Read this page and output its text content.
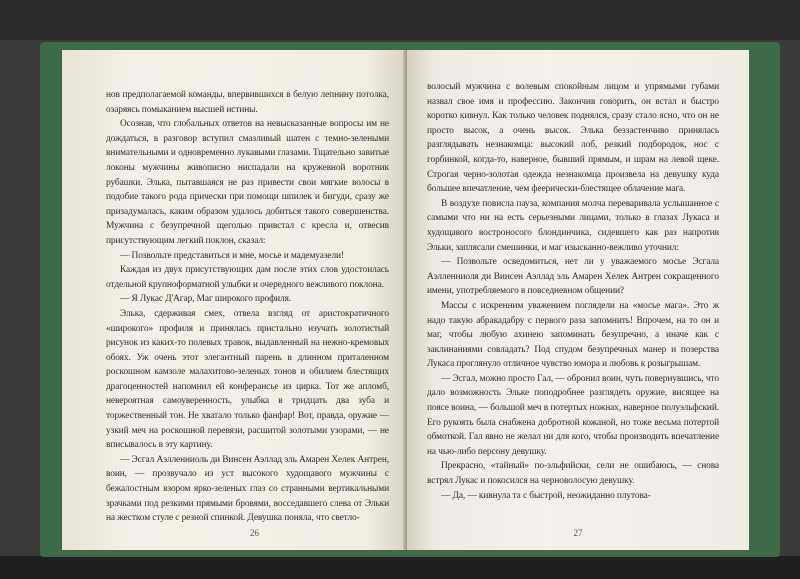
нов предполагаемой команды, впервившихся в белую лепнину потолка, озаряясь помыканием высшей истины.

Осознав, что глобальных ответов на невысказанные вопросы им не дождаться, в разговор вступил смазливый шатен с темно-зелеными внимательными и одновременно лукавыми глазами. Тщательно завитые локоны мужчины живописно ниспадали на кружевной воротник рубашки. Элька, пытавшаяся не раз привести свои мягкие волосы в подобие такого рода прически при помощи шпилек и бигуди, сразу же призадумалась, каким образом удалось добиться такого совершенства. Мужчина с безупречной щеголью привстал с кресла и, отвесив присутствующим легкий поклон, сказал:

— Позвольте представиться и мне, мосье и мадемуазели!

Каждая из двух присутствующих дам после этих слов удостоилась отдельной крупноформатной улыбки и очередного вежливого поклона.

— Я Лукас Д'Агар, Маг широкого профиля.

Элька, сдерживая смех, отвела взгляд от аристократичного «широкого» профиля и принялась пристально изучать золотистый рисунок из каких-то полевых травок, выдавленный на нежно-кремовых обоях. Уж очень этот элегантный парень в длинном приталенном роскошном камзоле малахитово-зеленых тонов и обилием блестящих драгоценностей напомнил ей конферансье из цирка. Тот же апломб, невероятная самоуверенность, улыбка в тридцать два зуба и торжественный тон. Не хватало только фанфар! Вот, правда, оружие — узкий меч на роскошной перевязи, расшитой золотыми узорами, — не вписывалось в эту картину.

— Эсгал Аэлленниоль ди Винсен Аэллад эль Амарен Хелек Антрен, воин, — прозвучало из уст высокого худощавого мужчины с бежалостным взором ярко-зеленых глаз со странными вертикальными зрачками под резкими прямыми бровями, восседавшего слева от Эльки на жестком стуле с резной спинкой. Девушка поняла, что светло-

26

волосый мужчина с волевым спокойным лицом и упрямыми губами назвал свое имя и профессию. Закончив говорить, он встал и быстро коротко кивнул. Как только человек поднялся, сразу стало ясно, что он не просто высок, а очень высок. Элька беззастенчиво принялась разглядывать незнакомца: высокий лоб, резкий подбородок, нос с горбинкой, когда-то, наверное, бывший прямым, и шрам на левой щеке. Строгая черно-золотая одежда незнакомца произвела на девушку куда большее впечатление, чем феерически-блестящее облачение мага.

В воздухе повисла пауза, компания молча переваривала услышанное с самыми что ни на есть серьезными лицами, только в глазах Лукаса и худощавого востроносого блондинчика, сидевшего как раз напротив Эльки, заплясали смешинки, и маг изысканно-вежливо уточнил:

— Позвольте осведомиться, нет ли у уважаемого мосье Эсгала Аэлленниоля ди Винсен Аэллад эль Амарен Хелек Антрен сокращенного имени, употребляемого в повседневном общении?

Массы с искренним уважением поглядели на «мосье мага». Это ж надо такую абракадабру с первого раза запомнить! Впрочем, на то он и маг, чтобы любую ахинею запоминать безупречно, а иначе как с заклинаниями совладать? Под спудом безупречных манер и позерства Лукаса проглянуло отличное чувство юмора и любовь к розыгрышам.

— Эсгал, можно просто Гал, — обронил воин, чуть повернувшись, что дало возможность Эльке поподробнее разглядеть оружие, висящее на поясе воина, — большой меч в потертых ножнах, наверное полуэльфский. Его рукоять была снабжена добротной кожаной, но тоже весьма потертой обмоткой. Гал явно не желал ни для кого, чтобы производить впечатление на чью-либо персону девушку.

Прекрасно, «тайный» по-эльфийски, сели не ошибаюсь, — снова встрял Лукас и покосился на черноволосую девушку.

— Да, — кивнула та с быстрой, неожиданно плутова-

27
